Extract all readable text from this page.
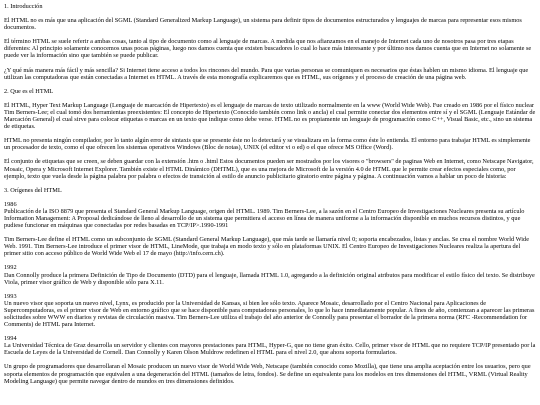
1. Introducción

El HTML no es más que una aplicación del SGML (Standard Generalized Markup Language), un sistema para definir tipos de documentos estructurados y lenguajes de marcas para representar esos mismos documentos.

El término HTML se suele referir a ambas cosas, tanto al tipo de documento como al lenguaje de marcas. A medida que nos afianzamos en el manejo de Internet cada uno de nosotros pasa por tres etapas diferentes: Al principio solamente conocemos unas pocas páginas, luego nos damos cuenta que existen buscadores lo cual lo hace más interesante y por último nos damos cuenta que en Internet no solamente se puede ver la información sino que también se puede publicar.

¿Y qué más manera más fácil y más sencilla? Si Internet tiene acceso a todos los rincones del mundo. Para que varias personas se comuniquen es necesarios que éstas hablen un mismo idioma. El lenguaje que utilizan las computadoras que están conectadas a Internet es HTML. A través de esta monografía explicaremos que es HTML, sus orígenes y el proceso de creación de una página web.

2. Que es el HTML

El HTML, Hyper Text Markup Language (Lenguaje de marcación de Hipertexto) es el lenguaje de marcas de texto utilizado normalmente en la www (World Wide Web). Fue creado en 1986 por el físico nuclear Tim Berners-Lee; el cual tomó dos herramientas preexistentes: El concepto de Hipertexto (Conocido también como link o ancla) el cual permite conectar dos elementos entre sí y el SGML (Lenguaje Estándar de Marcación General) el cual sirve para colocar etiquetas o marcas en un texto que indique como debe verse. HTML no es propiamente un lenguaje de programación como C++, Visual Basic, etc., sino un sistema de etiquetas.

HTML no presenta ningún compilador, por lo tanto algún error de sintaxis que se presente éste no lo detectará y se visualizara en la forma como éste lo entienda. El entorno para trabajar HTML es simplemente un procesador de texto, como el que ofrecen los sistemas operativos Windows (Bloc de notas), UNIX (el editor vi o ed) o el que ofrece MS Office (Word).

El conjunto de etiquetas que se creen, se deben guardar con la extensión .htm o .html Estos documentos pueden ser mostrados por los visores o "browsers" de paginas Web en Internet, como Netscape Navigator, Mosaic, Opera y Microsoft Internet Explorer. También existe el HTML Dinámico (DHTML), que es una mejora de Microsoft de la versión 4.0 de HTML que le permite crear efectos especiales como, por ejemplo, texto que vuela desde la página palabra por palabra o efectos de transición al estilo de anuncio publicitario giratorio entre página y página. A continuación vamos a hablar un poco de historia:

3. Orígenes del HTML
1986

Publicación de la ISO 8879 que presenta el Standard General Markup Language, origen del HTML. 1989. Tim Berners-Lee, a la sazón en el Centro Europeo de Investigaciones Nucleares presenta su artículo Information Management: A Proposal dedicándose de lleno al desarrollo de un sistema que permitiera el acceso en línea de manera uniforme a la información disponible en muchos recursos distintos, y que pudiese funcionar en máquinas que conectadas por redes basadas en TCP/IP>.1990-1991

Tim Berners-Lee define el HTML como un subconjunto de SGML (Standard General Markup Language), que más tarde se llamaría nivel 0; soporta encabezados, listas y anclas. Se crea el nombre World Wide Web. 1991. Tim Berners-Lee introduce el primer visor de HTML, LineMode, que trabaja en modo texto y sólo en plataformas UNIX. El Centro Europeo de Investigaciones Nucleares realiza la apertura del primer sitio con acceso público de World Wide Web el 17 de mayo (http://info.cern.ch).

1992

Dan Connolly produce la primera Definición de Tipo de Documento (DTD) para el lenguaje, llamada HTML 1.0, agregando a la definición original atributos para modificar el estilo físico del texto. Se distribuye Viola, primer visor gráfico de Web y disponible sólo para X.11.

1993

Un nuevo visor que soporta un nuevo nivel, Lynx, es producido por la Universidad de Kansas, si bien lee sólo texto. Aparece Mosaic, desarrollado por el Centro Nacional para Aplicaciones de Supercomputadoras, es el primer visor de Web en entorno gráfico que se hace disponible para computadoras personales, lo que lo hace inmediatamente popular. A fines de año, comienzan a aparecer las primeras solicitudes sobre WWW en diarios y revistas de circulación masiva. Tim Berners-Lee utiliza el trabajo del año anterior de Connolly para presentar el borrador de la primera norma (RFC -Recommendation for Comments) de HTML para Internet.

1994

La Universidad Técnica de Graz desarrolla un servidor y clientes con mayores prestaciones para HTML, Hyper-G, que no tiene gran éxito. Cello, primer visor de HTML que no requiere TCP/IP presentado por la Escuela de Leyes de la Universidad de Cornell. Dan Connolly y Karen Olson Muldrow redefinen el HTML para el nivel 2.0, que ahora soporta formularios.

Un grupo de programadores que desarrollaran el Mosaic producen un nuevo visor de World Wide Web, Netscape (también conocido como Mozilla), que tiene una amplia aceptación entre los usuarios, pero que soporta elementos de programación que equivalen a una degeneración del HTML (tamaños de letra, fondos). Se define un equivalente para los modelos en tres dimensiones del HTML, VRML (Virtual Reality Modeling Language) que permite navegar dentro de mundos en tres dimensiones definidos.
